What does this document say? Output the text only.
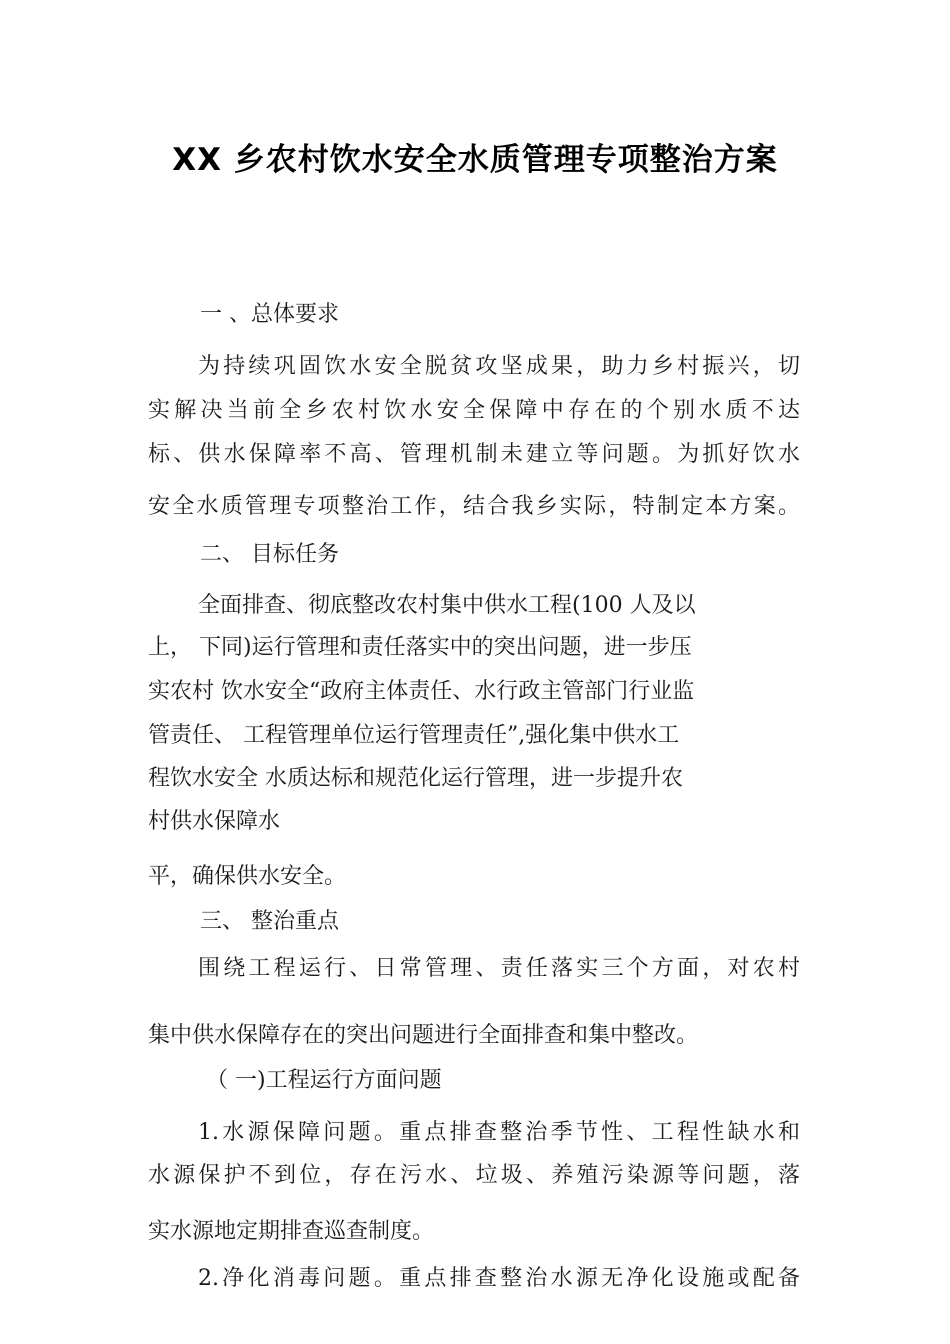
XX 乡农村饮水安全水质管理专项整治方案
一 、总体要求
为持续巩固饮水安全脱贫攻坚成果，助力乡村振兴，切
实解决当前全乡农村饮水安全保障中存在的个别水质不达
标、供水保障率不高、管理机制未建立等问题。为抓好饮水
安全水质管理专项整治工作，结合我乡实际，特制定本方案。
二、 目标任务
全面排查、彻底整改农村集中供水工程(100 人及以
上， 下同)运行管理和责任落实中的突出问题，进一步压
实农村 饮水安全“政府主体责任、水行政主管部门行业监
管责任、 工程管理单位运行管理责任”,强化集中供水工
程饮水安全 水质达标和规范化运行管理，进一步提升农
村供水保障水
平，确保供水安全。
三、 整治重点
围绕工程运行、日常管理、责任落实三个方面，对农村
集中供水保障存在的突出问题进行全面排查和集中整改。
（ 一)工程运行方面问题
1.水源保障问题。重点排查整治季节性、工程性缺水和
水源保护不到位，存在污水、垃圾、养殖污染源等问题，落
实水源地定期排查巡查制度。
2.净化消毒问题。重点排查整治水源无净化设施或配备
